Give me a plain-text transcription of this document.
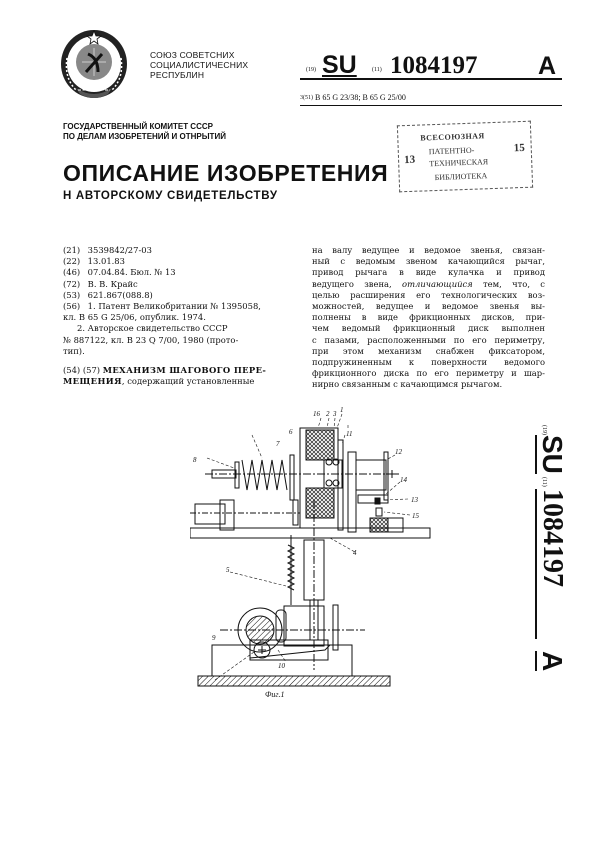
СОЮЗ СОВЕТСНИХ
СОЦИАЛИСТИЧЕСНИХ
РЕСПУБЛИН	(19) SU	(11) 1084197 A
3(51) B 65 G 23/38; B 65 G 25/00
ГОСУДАРСТВЕННЫЙ КОМИТЕТ СССР
ПО ДЕЛАМ ИЗОБРЕТЕНИЙ И ОТНРЫТИЙ
ОПИСАНИЕ ИЗОБРЕТЕНИЯ
Н АВТОРСКОМУ СВИДЕТЕЛЬСТВУ
ВСЕСОЮЗНАЯ
ПАТЕНТНО-
ТЕХНИЧЕСКАЯ
БИБЛИОТЕКА
13
15
(21) 3539842/27-03
(22) 13.01.83
(46) 07.04.84. Бюл. № 13
(72) В. В. Крайс
(53) 621.867(088.8)
(56) 1. Патент Великобритании № 1395058,
кл. B 65 G 25/06, опублик. 1974.
2. Авторское свидетельство СССР
№ 887122, кл. B 23 Q 7/00, 1980 (прото-
тип).
(54) (57) МЕХАНИЗМ ШАГОВОГО ПЕРЕ-
МЕЩЕНИЯ, содержащий установленные
на валу ведущее и ведомое звенья, связан-
ный с ведомым звеном качающийся рычаг,
привод рычага в виде кулачка и привод
ведущего звена, отличающийся тем, что, с
целью расширения его технологических воз-
можностей, ведущее и ведомое звенья вы-
полнены в виде фрикционных дисков, при-
чем ведомый фрикционный диск выполнен
с пазами, расположенными по его периметру,
при этом механизм снабжен фиксатором,
подпружиненным к поверхности ведомого
фрикционного диска по его периметру и шар-
нирно связанным с качающимся рычагом.
16 2 3 1
6
7
11
8
12
14
13
15
4
5
9
10
Фиг.1
(19)
SU
(11)
1084197
A
